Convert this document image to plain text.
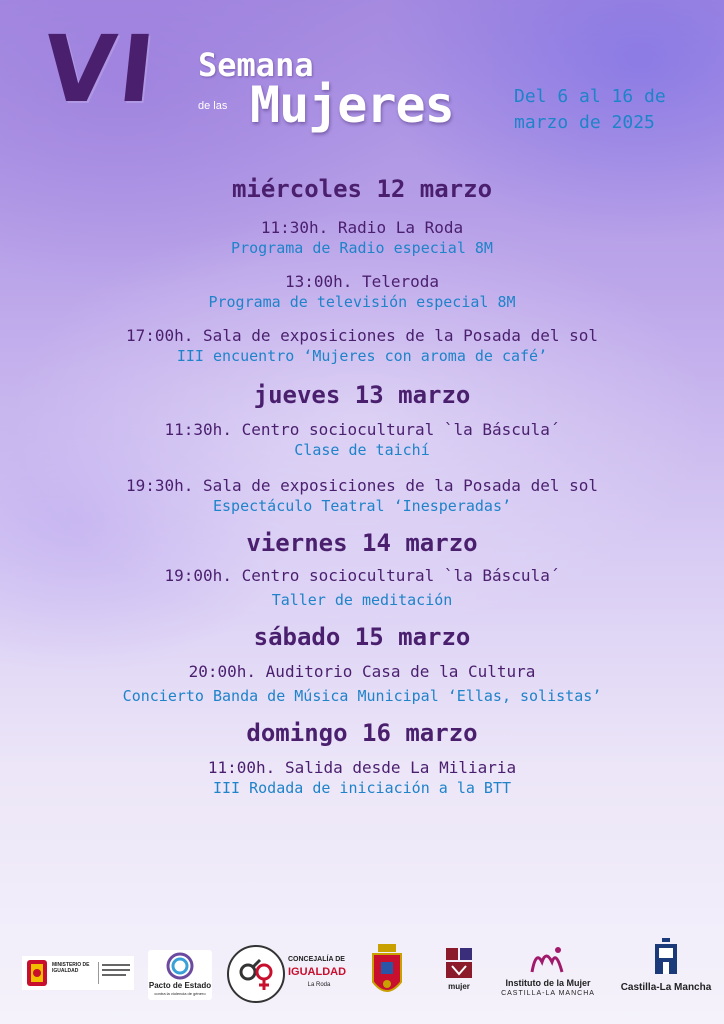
VI Semana
de las Mujeres	Del 6 al 16 de
marzo de 2025
miércoles 12 marzo
11:30h. Radio La Roda
Programa de Radio especial 8M
13:00h. Teleroda
Programa de televisión especial 8M
17:00h. Sala de exposiciones de la Posada del sol
III encuentro ‘Mujeres con aroma de café’
jueves 13 marzo
11:30h. Centro sociocultural `la Báscula´
Clase de taichí
19:30h. Sala de exposiciones de la Posada del sol
Espectáculo Teatral ‘Inesperadas’
viernes 14 marzo
19:00h. Centro sociocultural `la Báscula´
Taller de meditación
sábado 15 marzo
20:00h. Auditorio Casa de la Cultura
Concierto Banda de Música Municipal ‘Ellas, solistas’
domingo 16 marzo
11:00h. Salida desde La Miliaria
III Rodada de iniciación a la BTT
MINISTERIO DE IGUALDAD
Pacto de Estado
contra la violencia de género
CONCEJALÍA DE
IGUALDAD
La Roda	mujer	Instituto de la Mujer
CASTILLA-LA MANCHA
Castilla-La Mancha
